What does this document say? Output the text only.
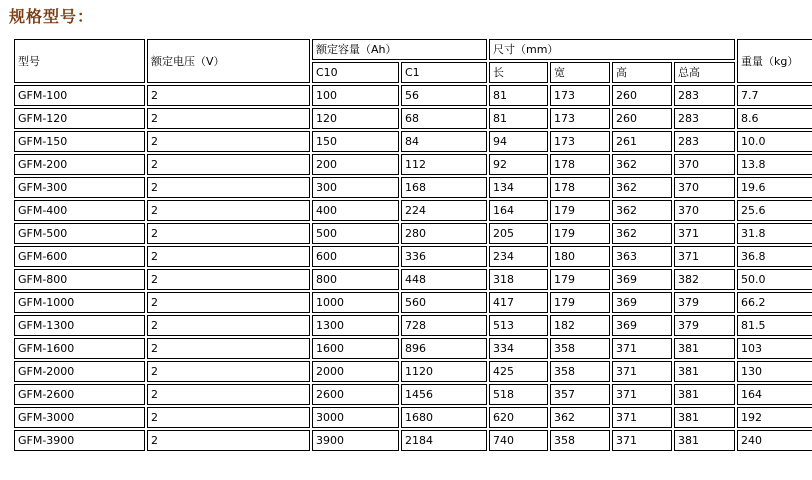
规格型号：
型号	额定电压（V）	额定容量（Ah）		尺寸（mm）				重量（kg）
		C10	C1	长	宽	高	总高	
GFM-100	2	100	56	81	173	260	283	7.7
GFM-120	2	120	68	81	173	260	283	8.6
GFM-150	2	150	84	94	173	261	283	10.0
GFM-200	2	200	112	92	178	362	370	13.8
GFM-300	2	300	168	134	178	362	370	19.6
GFM-400	2	400	224	164	179	362	370	25.6
GFM-500	2	500	280	205	179	362	371	31.8
GFM-600	2	600	336	234	180	363	371	36.8
GFM-800	2	800	448	318	179	369	382	50.0
GFM-1000	2	1000	560	417	179	369	379	66.2
GFM-1300	2	1300	728	513	182	369	379	81.5
GFM-1600	2	1600	896	334	358	371	381	103
GFM-2000	2	2000	1120	425	358	371	381	130
GFM-2600	2	2600	1456	518	357	371	381	164
GFM-3000	2	3000	1680	620	362	371	381	192
GFM-3900	2	3900	2184	740	358	371	381	240
